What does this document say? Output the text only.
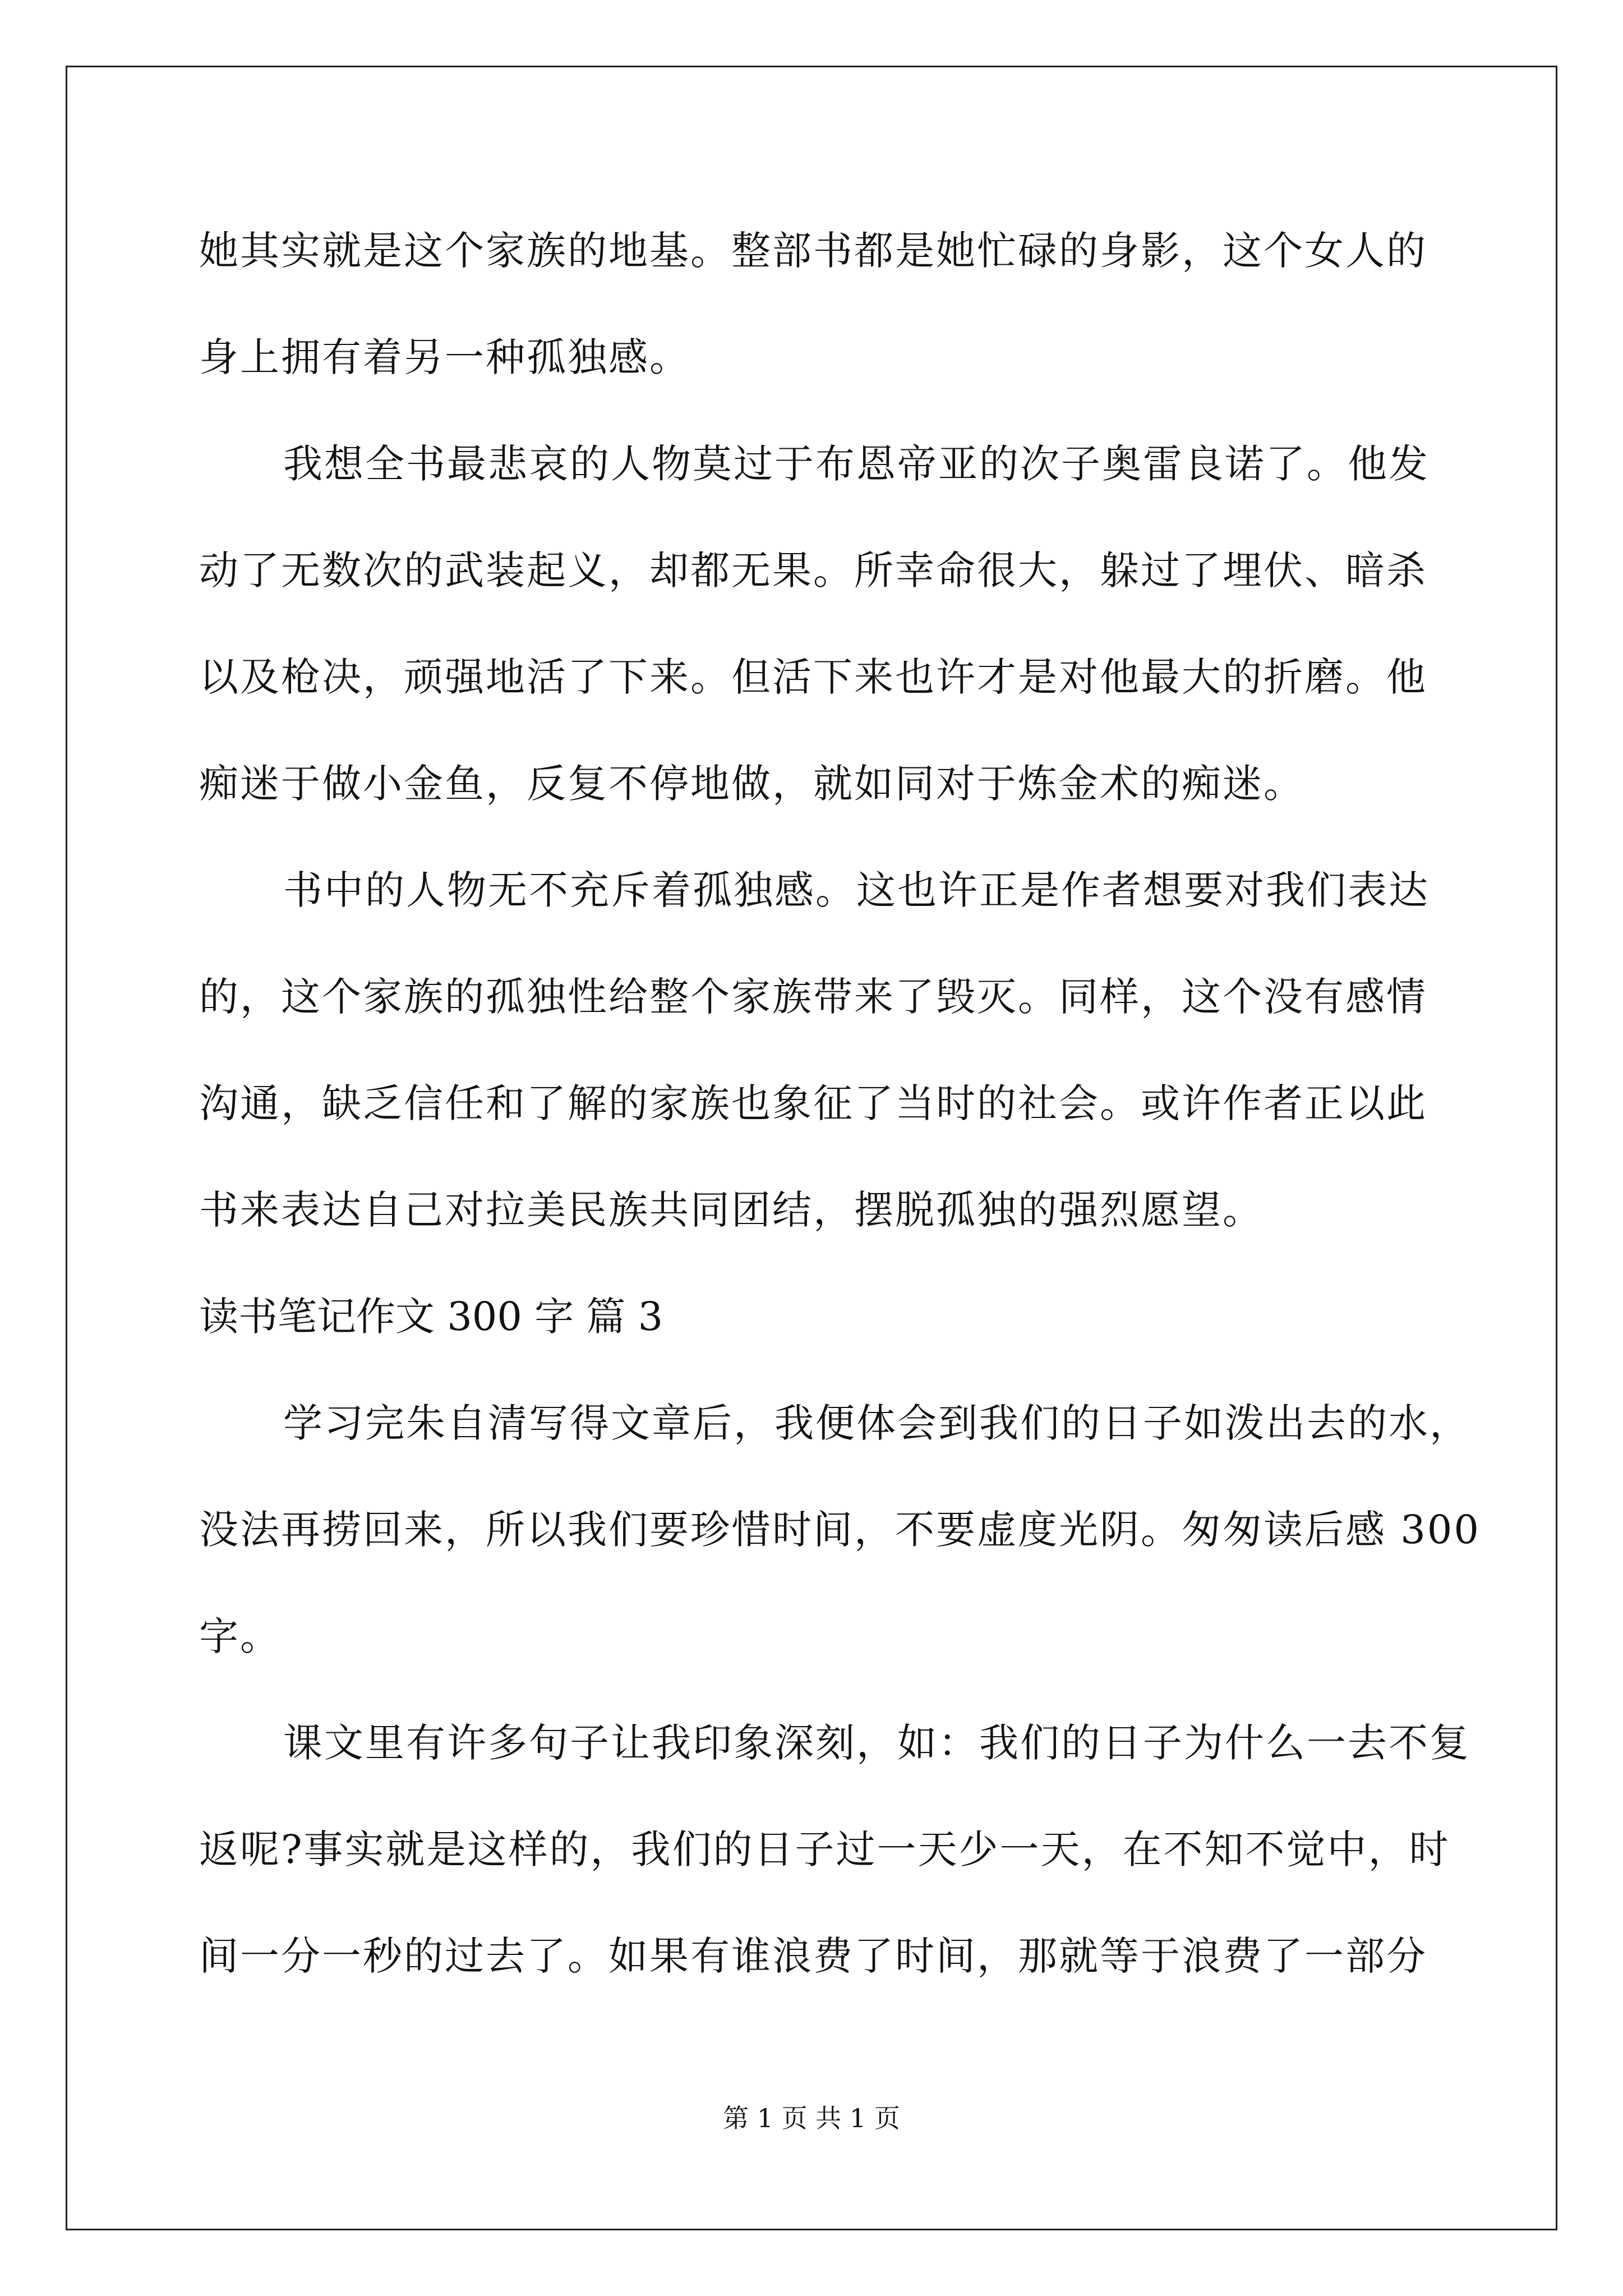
她其实就是这个家族的地基。整部书都是她忙碌的身影，这个女人的
身上拥有着另一种孤独感。
我想全书最悲哀的人物莫过于布恩帝亚的次子奥雷良诺了。他发
动了无数次的武装起义，却都无果。所幸命很大，躲过了埋伏、暗杀
以及枪决，顽强地活了下来。但活下来也许才是对他最大的折磨。他
痴迷于做小金鱼，反复不停地做，就如同对于炼金术的痴迷。
书中的人物无不充斥着孤独感。这也许正是作者想要对我们表达
的，这个家族的孤独性给整个家族带来了毁灭。同样，这个没有感情
沟通，缺乏信任和了解的家族也象征了当时的社会。或许作者正以此
书来表达自己对拉美民族共同团结，摆脱孤独的强烈愿望。
读书笔记作文 300 字 篇 3
学习完朱自清写得文章后，我便体会到我们的日子如泼出去的水，
没法再捞回来，所以我们要珍惜时间，不要虚度光阴。匆匆读后感 300
字。
课文里有许多句子让我印象深刻，如：我们的日子为什么一去不复
返呢?事实就是这样的，我们的日子过一天少一天，在不知不觉中，时
间一分一秒的过去了。如果有谁浪费了时间，那就等于浪费了一部分
第 1 页 共 1 页
